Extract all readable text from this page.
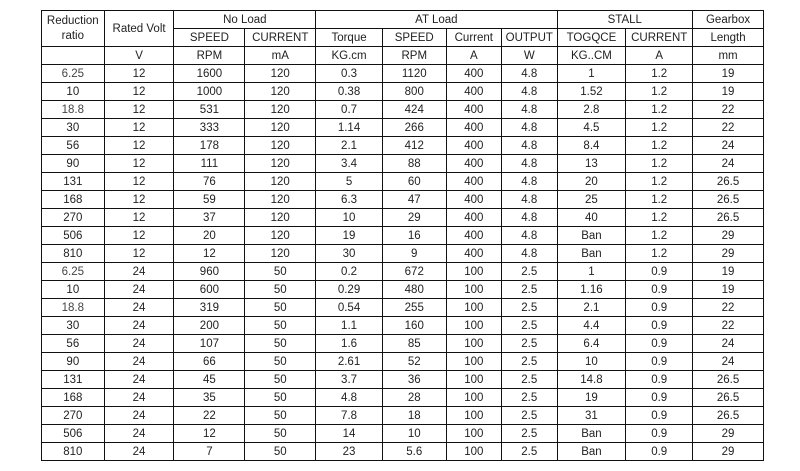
Reduction ratio	Rated Volt	No Load		AT Load				STALL		Gearbox
		SPEED	CURRENT	Torque	SPEED	Current	OUTPUT	TOGQCE	CURRENT	Length
	V	RPM	mA	KG.cm	RPM	A	W	KG..CM	A	mm
6.25	12	1600	120	0.3	1120	400	4.8	1	1.2	19
10	12	1000	120	0.38	800	400	4.8	1.52	1.2	19
18.8	12	531	120	0.7	424	400	4.8	2.8	1.2	22
30	12	333	120	1.14	266	400	4.8	4.5	1.2	22
56	12	178	120	2.1	412	400	4.8	8.4	1.2	24
90	12	111	120	3.4	88	400	4.8	13	1.2	24
131	12	76	120	5	60	400	4.8	20	1.2	26.5
168	12	59	120	6.3	47	400	4.8	25	1.2	26.5
270	12	37	120	10	29	400	4.8	40	1.2	26.5
506	12	20	120	19	16	400	4.8	Ban	1.2	29
810	12	12	120	30	9	400	4.8	Ban	1.2	29
6.25	24	960	50	0.2	672	100	2.5	1	0.9	19
10	24	600	50	0.29	480	100	2.5	1.16	0.9	19
18.8	24	319	50	0.54	255	100	2.5	2.1	0.9	22
30	24	200	50	1.1	160	100	2.5	4.4	0.9	22
56	24	107	50	1.6	85	100	2.5	6.4	0.9	24
90	24	66	50	2.61	52	100	2.5	10	0.9	24
131	24	45	50	3.7	36	100	2.5	14.8	0.9	26.5
168	24	35	50	4.8	28	100	2.5	19	0.9	26.5
270	24	22	50	7.8	18	100	2.5	31	0.9	26.5
506	24	12	50	14	10	100	2.5	Ban	0.9	29
810	24	7	50	23	5.6	100	2.5	Ban	0.9	29
